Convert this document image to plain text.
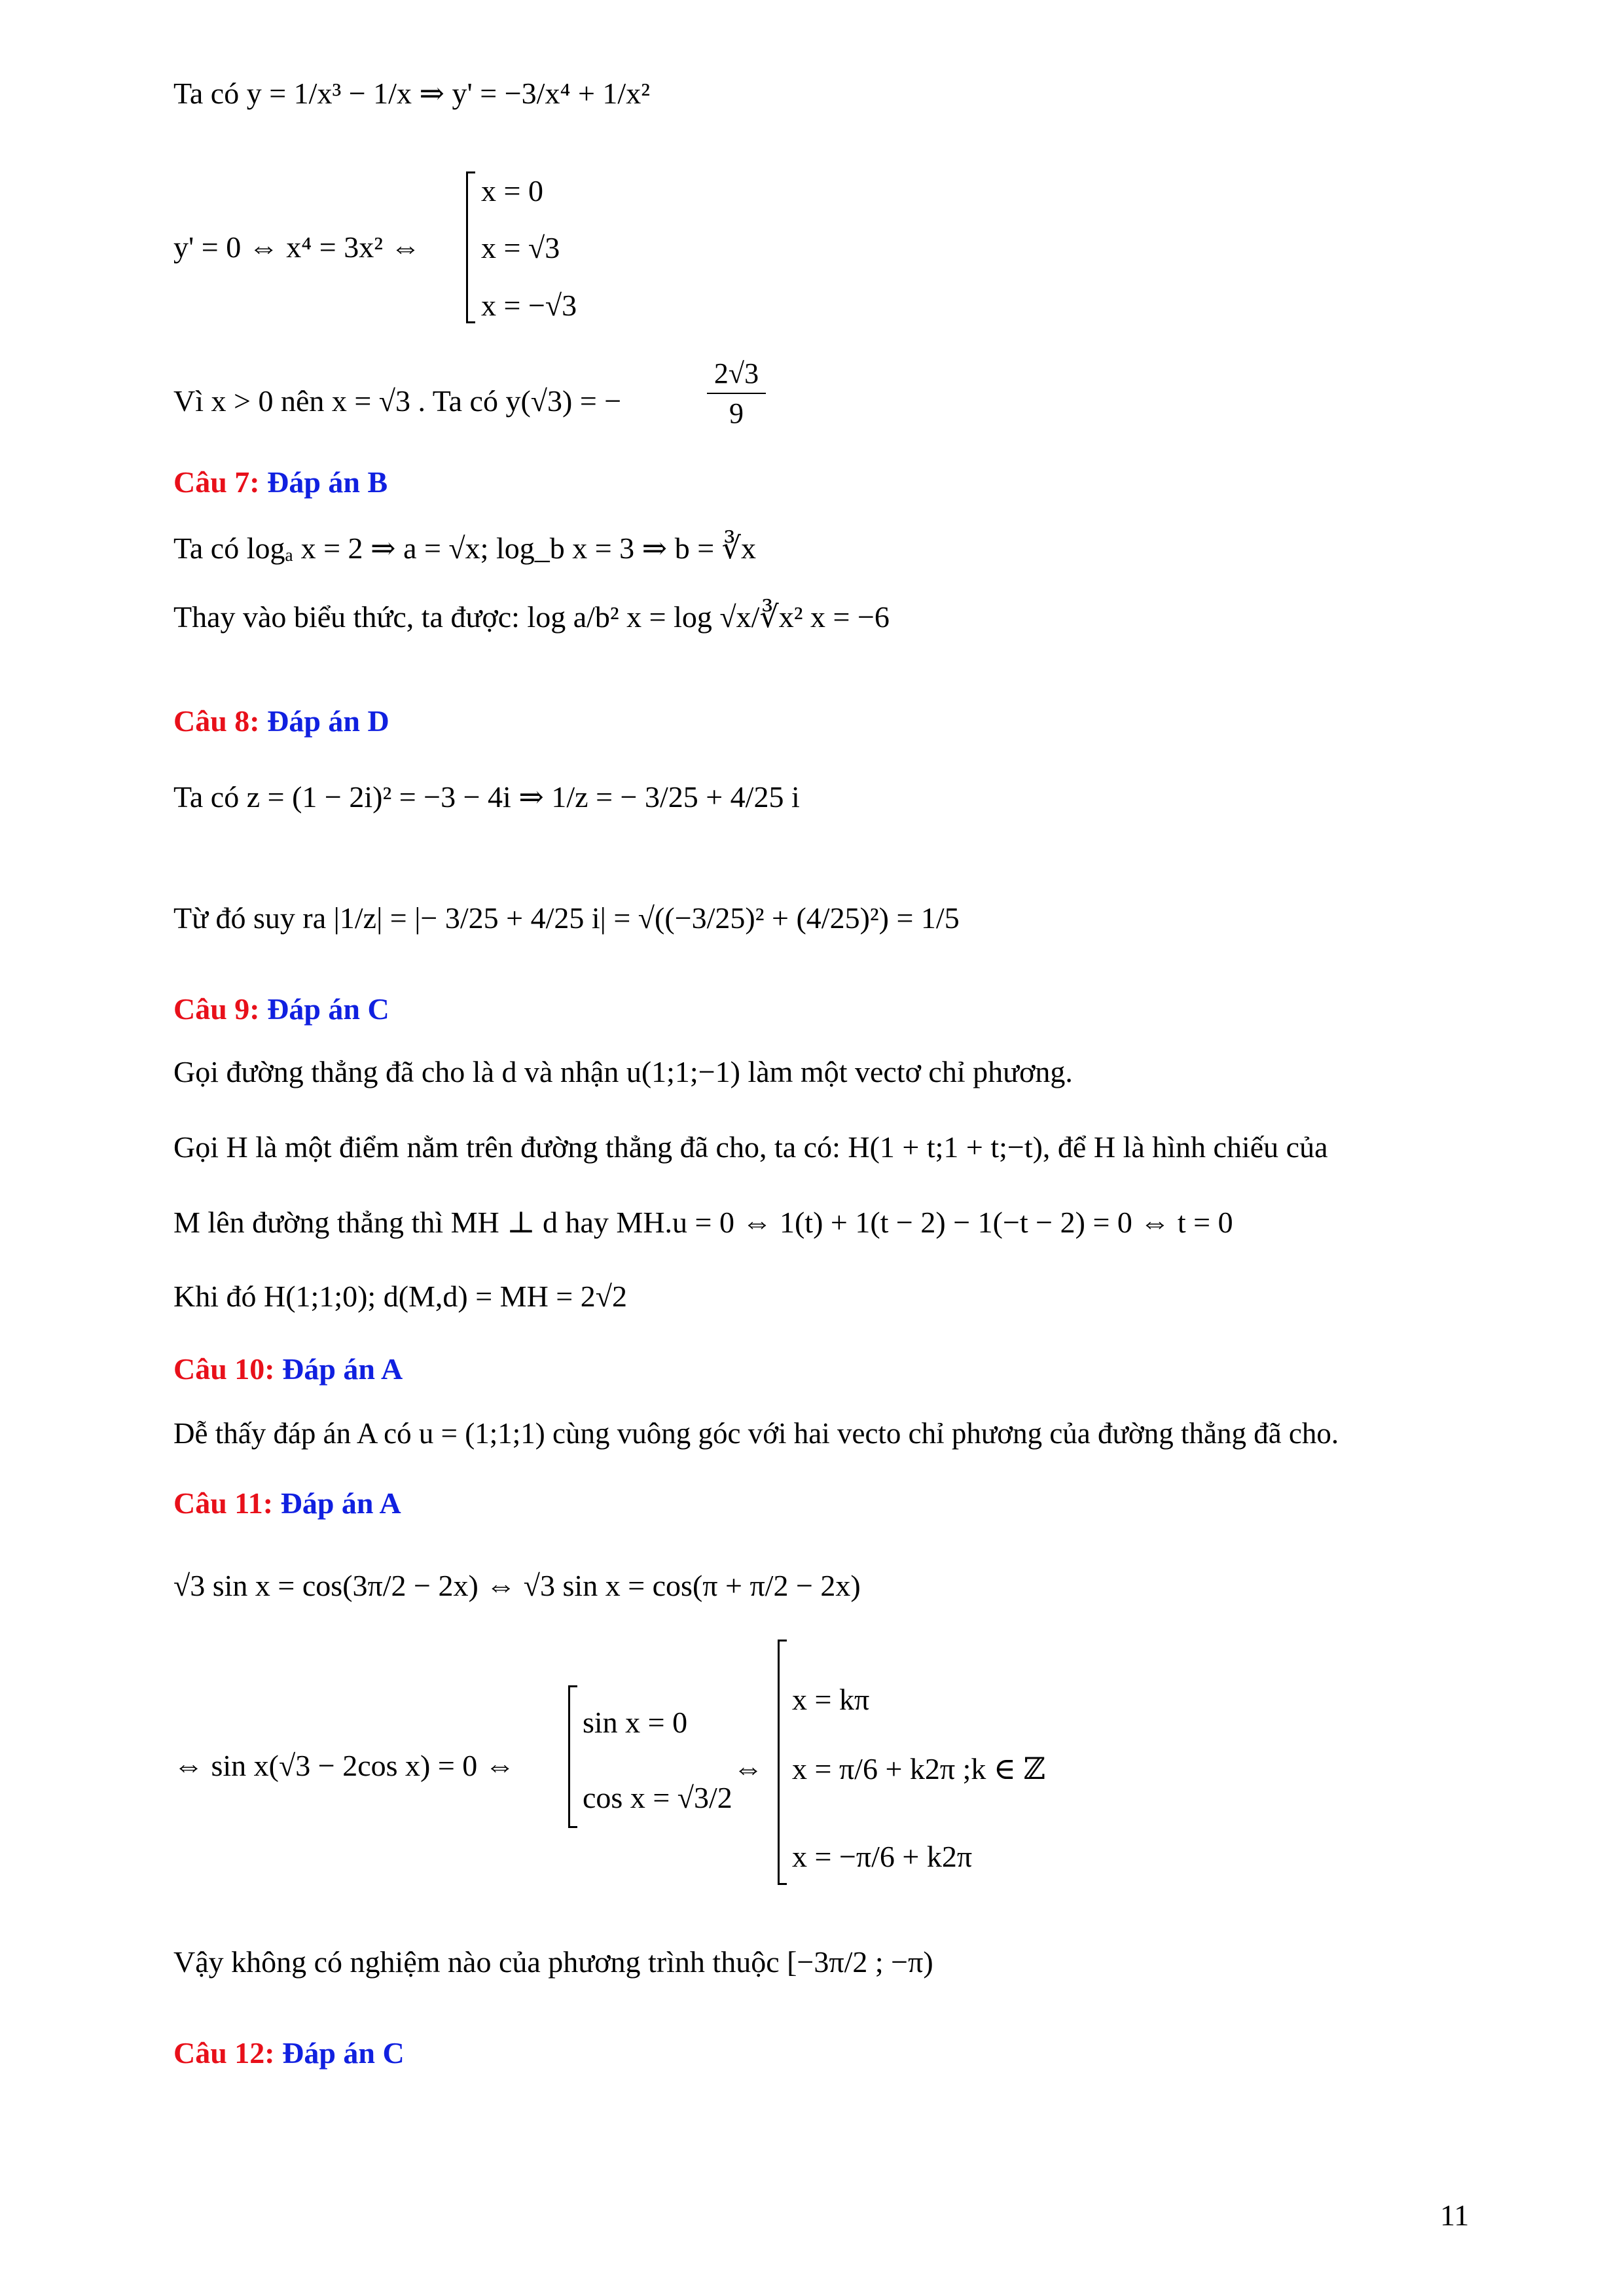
Ta có y = 1/x³ − 1/x ⇒ y' = −3/x⁴ + 1/x²
y' = 0 ⇔ x⁴ = 3x² ⇔
x = 0
x = √3
x = −√3
Vì x > 0 nên x = √3 . Ta có y(√3) = −
2√3
9
Câu 7: Đáp án B
Ta có logₐ x = 2 ⇒ a = √x; log_b x = 3 ⇒ b = ∛x
Thay vào biểu thức, ta được: log a/b² x = log √x/∛x² x = −6
Câu 8: Đáp án D
Ta có z = (1 − 2i)² = −3 − 4i ⇒ 1/z = − 3/25 + 4/25 i
Từ đó suy ra |1/z| = |− 3/25 + 4/25 i| = √((−3/25)² + (4/25)²) = 1/5
Câu 9: Đáp án C
Gọi đường thẳng đã cho là d và nhận u(1;1;−1) làm một vectơ chỉ phương.
Gọi H là một điểm nằm trên đường thẳng đã cho, ta có: H(1 + t;1 + t;−t), để H là hình chiếu của
M lên đường thẳng thì MH ⊥ d hay MH.u = 0 ⇔ 1(t) + 1(t − 2) − 1(−t − 2) = 0 ⇔ t = 0
Khi đó H(1;1;0); d(M,d) = MH = 2√2
Câu 10: Đáp án A
Dễ thấy đáp án A có u = (1;1;1) cùng vuông góc với hai vecto chỉ phương của đường thẳng đã cho.
Câu 11: Đáp án A
√3 sin x = cos(3π/2 − 2x) ⇔ √3 sin x = cos(π + π/2 − 2x)
⇔ sin x(√3 − 2cos x) = 0 ⇔
sin x = 0
cos x = √3/2
⇔
x = kπ
x = π/6 + k2π ;k ∈ ℤ
x = −π/6 + k2π
Vậy không có nghiệm nào của phương trình thuộc [−3π/2 ; −π)
Câu 12: Đáp án C
11
